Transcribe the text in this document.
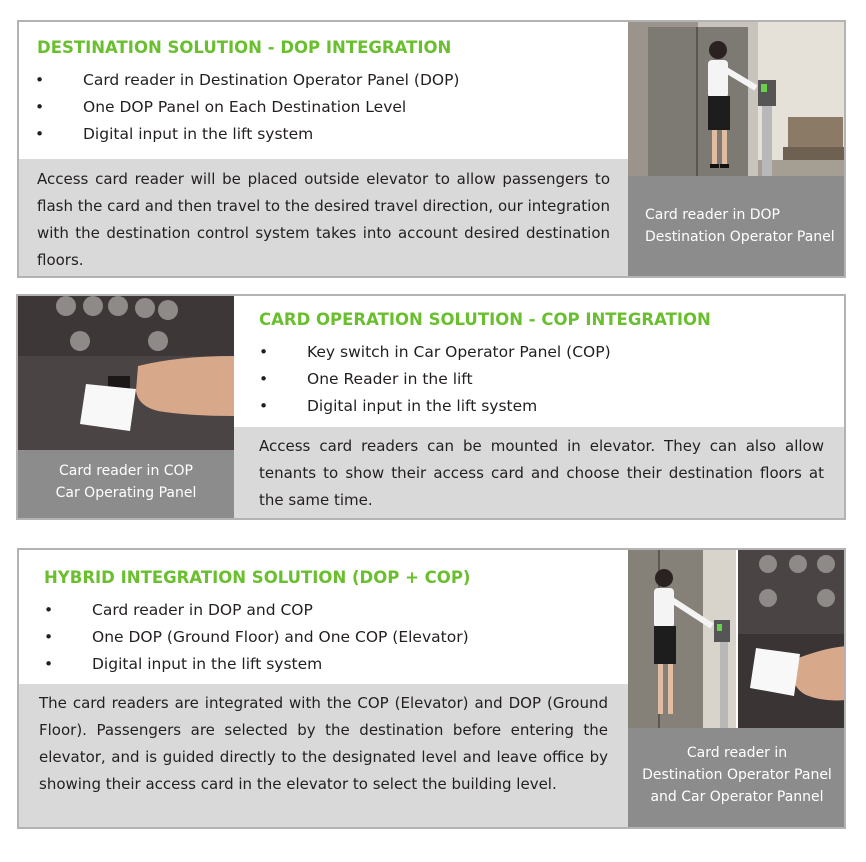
DESTINATION SOLUTION - DOP INTEGRATION
•	Card reader in Destination Operator Panel (DOP)
•	One DOP Panel on Each Destination Level
•	Digital input in the lift system

Access card reader will be placed outside elevator to allow passengers to flash the card and then travel to the desired travel direction, our integration with the destination control system takes into account desired destination floors.

Card reader in DOP
Destination Operator Panel
Card reader in COP
Car Operating Panel
CARD OPERATION SOLUTION - COP INTEGRATION
•	Key switch in Car Operator Panel (COP)
•	One Reader in the lift
•	Digital input in the lift system

Access card readers can be mounted in elevator. They can also allow tenants to show their access card and choose their destination floors at the same time.

HYBRID INTEGRATION SOLUTION (DOP + COP)
•	Card reader in DOP and COP
•	One DOP (Ground Floor) and One COP (Elevator)
•	Digital input in the lift system

The card readers are integrated with the COP (Elevator) and DOP (Ground Floor). Passengers are selected by the destination before entering the elevator, and is guided directly to the designated level and leave office by showing their access card in the elevator to select the building level.

Card reader in
Destination Operator Panel
and Car Operator Pannel
